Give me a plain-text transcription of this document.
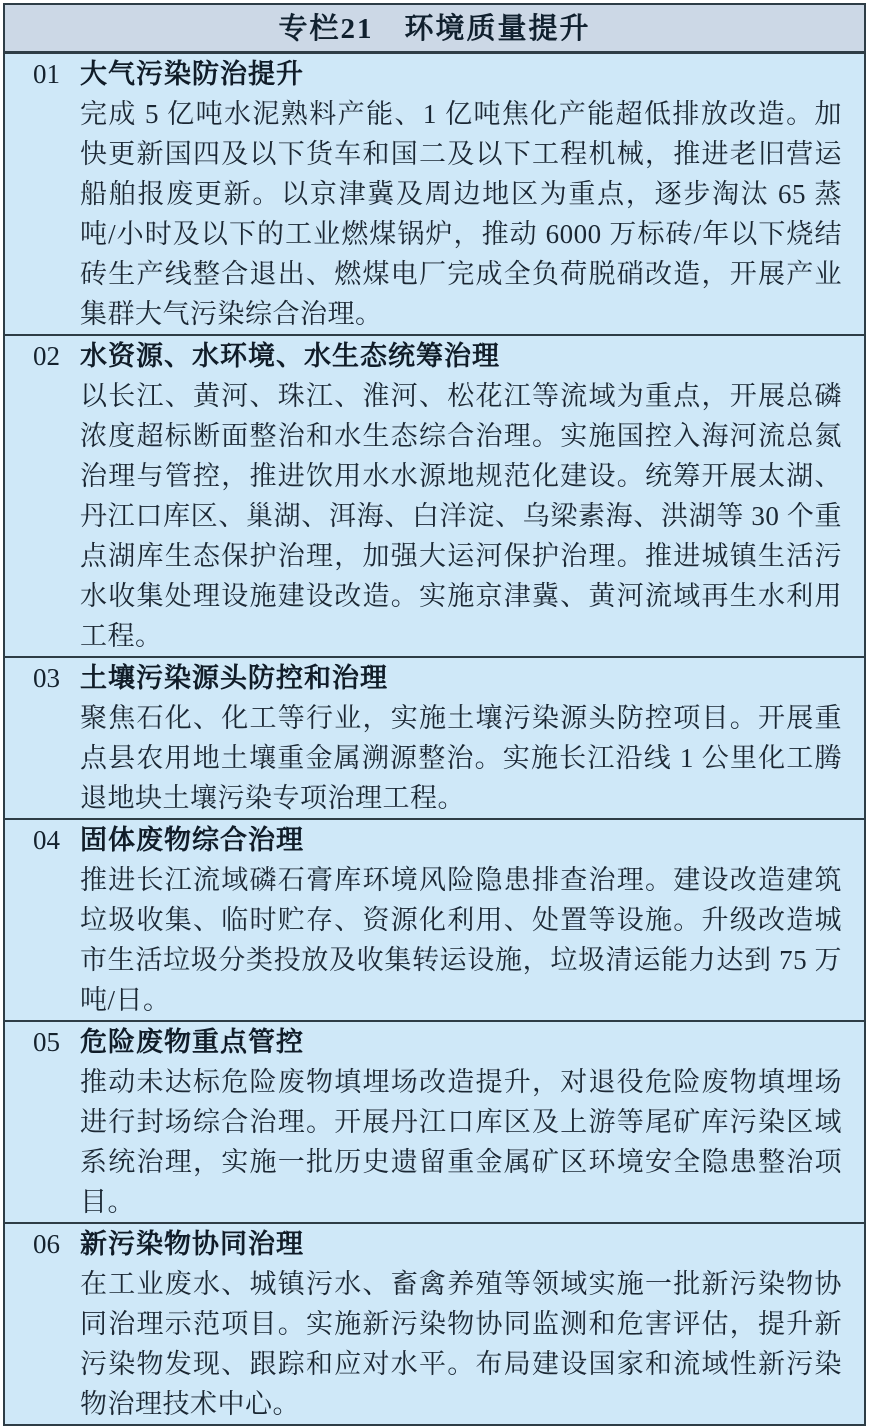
专栏21　环境质量提升
01 大气污染防治提升
完成 5 亿吨水泥熟料产能、1 亿吨焦化产能超低排放改造。加快更新国四及以下货车和国二及以下工程机械，推进老旧营运船舶报废更新。以京津冀及周边地区为重点，逐步淘汰 65 蒸吨/小时及以下的工业燃煤锅炉，推动 6000 万标砖/年以下烧结砖生产线整合退出、燃煤电厂完成全负荷脱硝改造，开展产业集群大气污染综合治理。
02 水资源、水环境、水生态统筹治理
以长江、黄河、珠江、淮河、松花江等流域为重点，开展总磷浓度超标断面整治和水生态综合治理。实施国控入海河流总氮治理与管控，推进饮用水水源地规范化建设。统筹开展太湖、丹江口库区、巢湖、洱海、白洋淀、乌梁素海、洪湖等 30 个重点湖库生态保护治理，加强大运河保护治理。推进城镇生活污水收集处理设施建设改造。实施京津冀、黄河流域再生水利用工程。
03 土壤污染源头防控和治理
聚焦石化、化工等行业，实施土壤污染源头防控项目。开展重点县农用地土壤重金属溯源整治。实施长江沿线 1 公里化工腾退地块土壤污染专项治理工程。
04 固体废物综合治理
推进长江流域磷石膏库环境风险隐患排查治理。建设改造建筑垃圾收集、临时贮存、资源化利用、处置等设施。升级改造城市生活垃圾分类投放及收集转运设施，垃圾清运能力达到 75 万吨/日。
05 危险废物重点管控
推动未达标危险废物填埋场改造提升，对退役危险废物填埋场进行封场综合治理。开展丹江口库区及上游等尾矿库污染区域系统治理，实施一批历史遗留重金属矿区环境安全隐患整治项目。
06 新污染物协同治理
在工业废水、城镇污水、畜禽养殖等领域实施一批新污染物协同治理示范项目。实施新污染物协同监测和危害评估，提升新污染物发现、跟踪和应对水平。布局建设国家和流域性新污染物治理技术中心。
